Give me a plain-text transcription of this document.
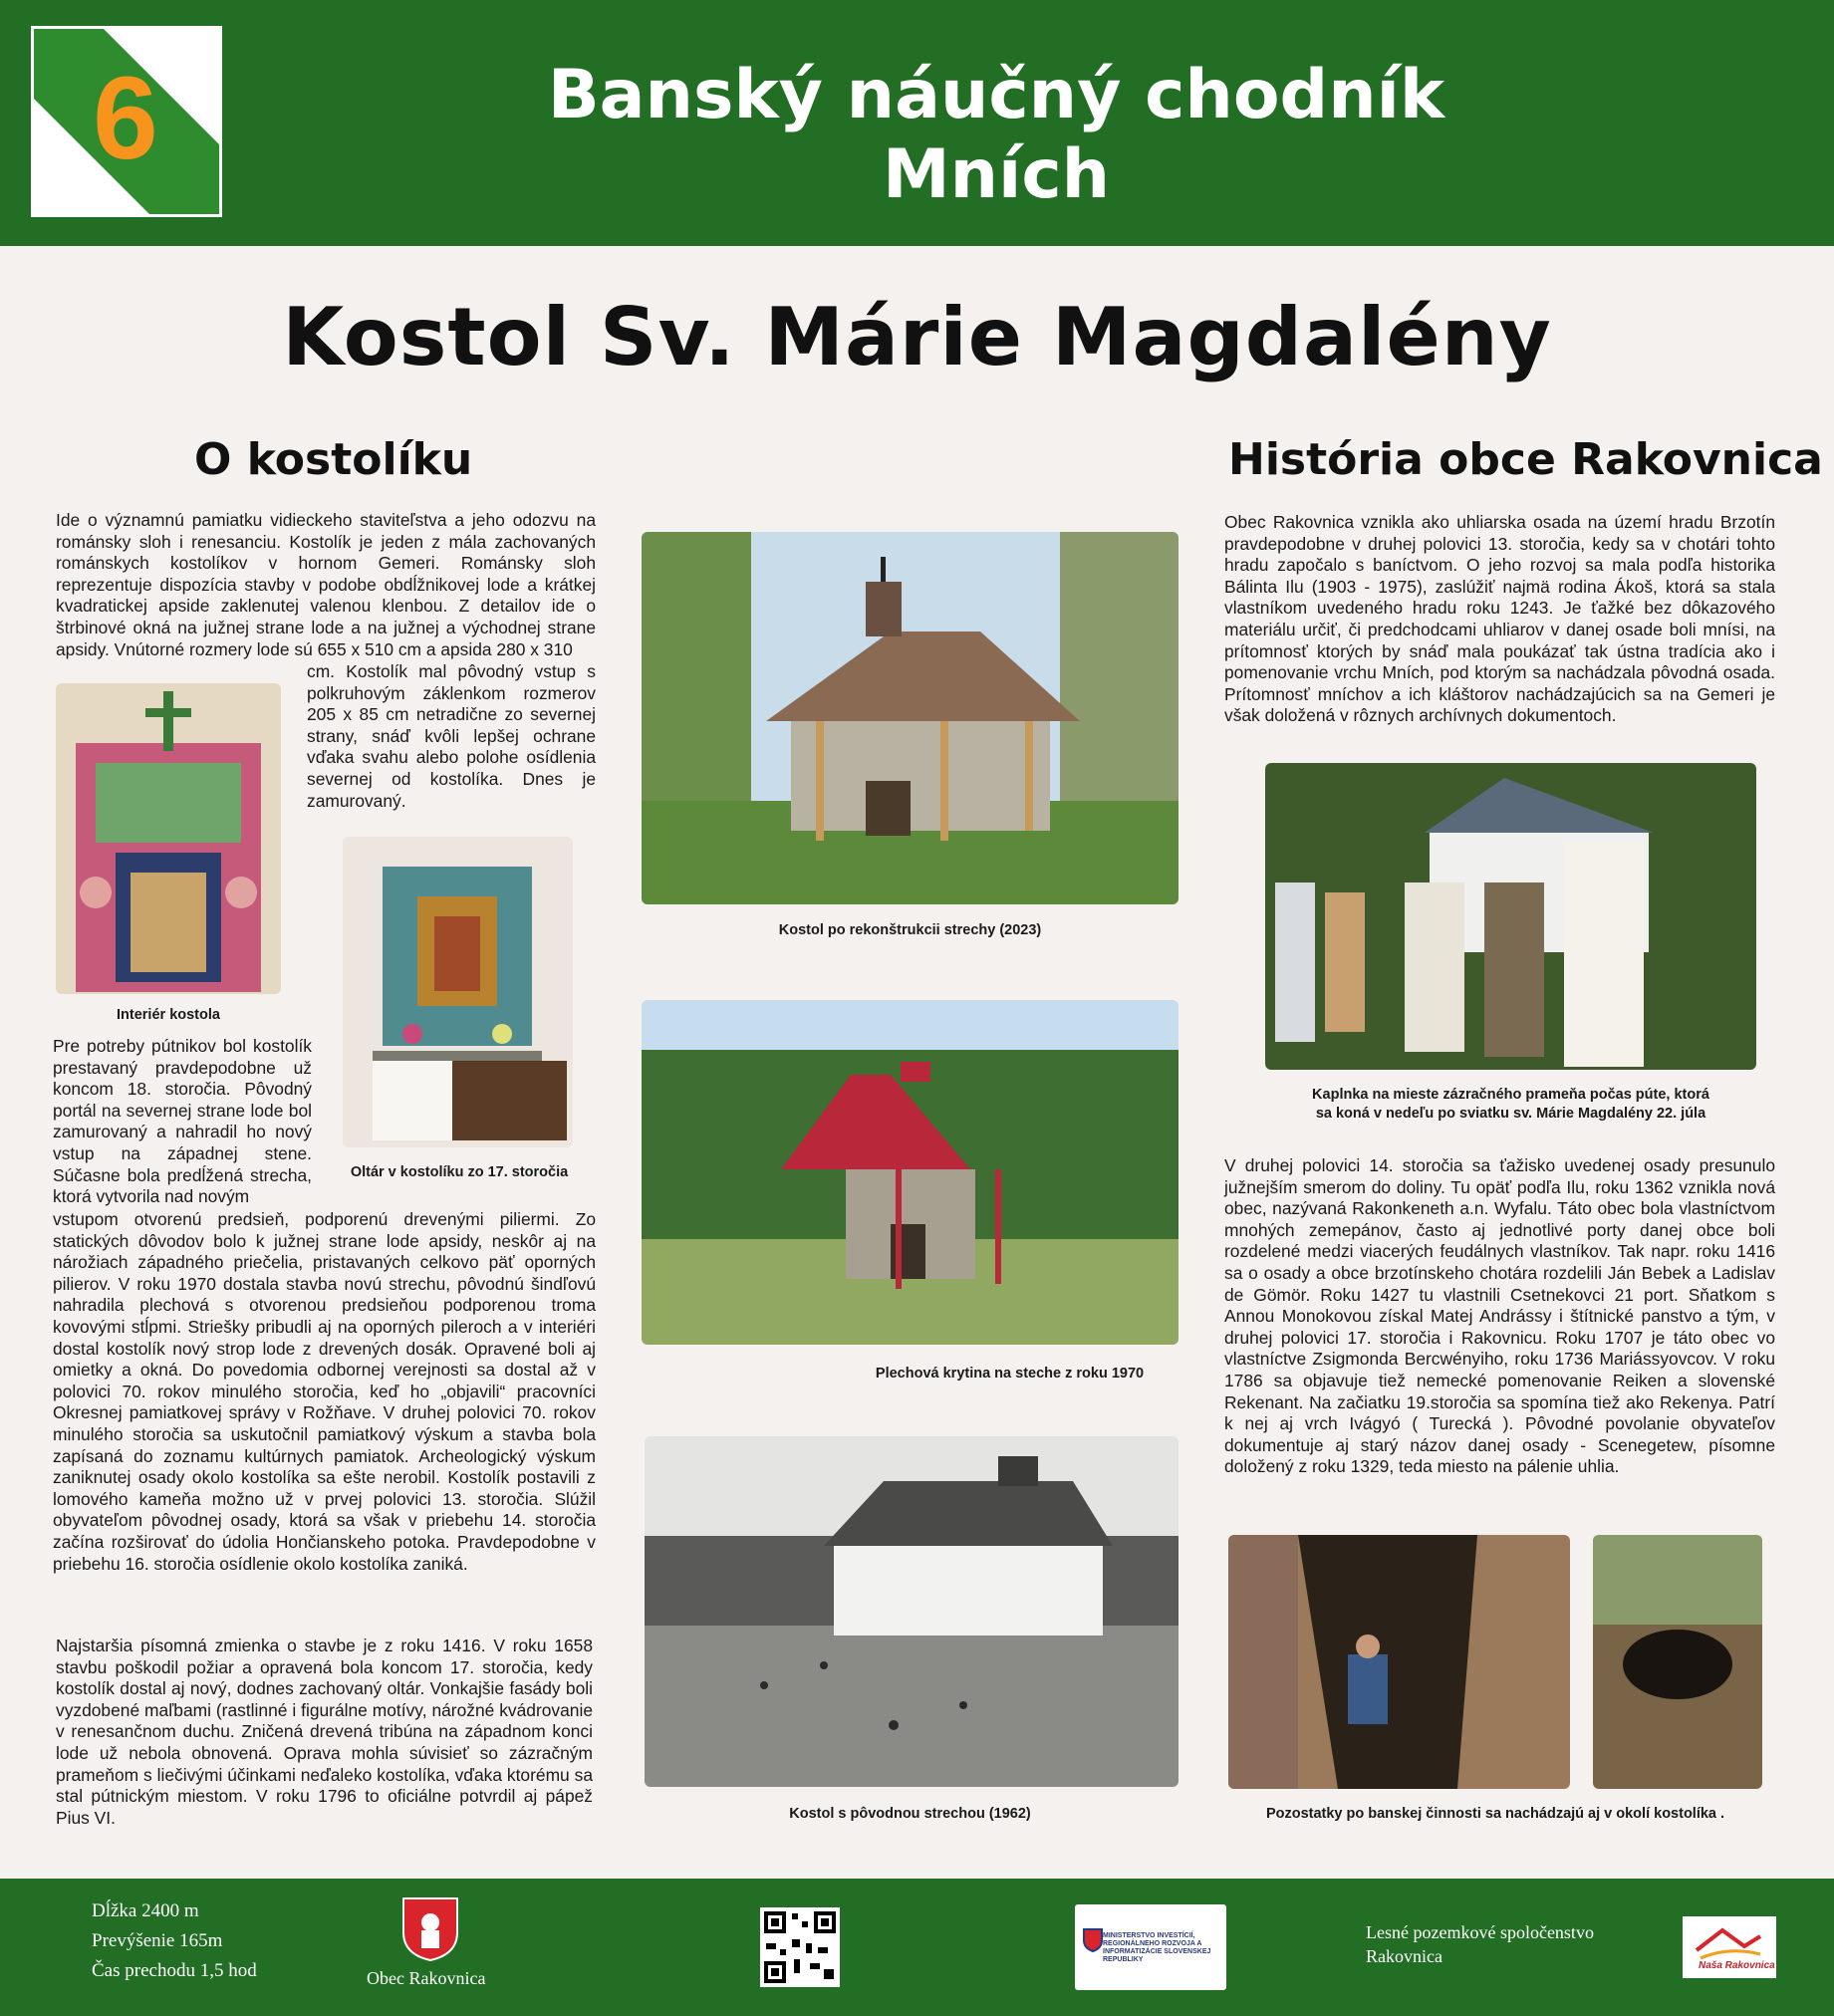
6	Banský náučný chodník
Mních
Kostol Sv. Márie Magdalény
O kostolíku
Ide o významnú pamiatku vidieckeho staviteľstva a jeho odozvu na románsky sloh i renesanciu. Kostolík je jeden z mála zachovaných románskych kostolíkov v hornom Gemeri. Románsky sloh reprezentuje dispozícia stavby v podobe obdĺžnikovej lode a krátkej kvadratickej apside zaklenutej valenou klenbou. Z detailov ide o štrbinové okná na južnej strane lode a na južnej a východnej strane apsidy. Vnútorné rozmery lode sú 655 x 510 cm a apsida 280 x 310
cm. Kostolík mal pôvodný vstup s polkruhovým záklenkom rozmerov 205 x 85 cm netradične zo severnej strany, snáď kvôli lepšej ochrane vďaka svahu alebo polohe osídlenia severnej od kostolíka. Dnes je zamurovaný.
Interiér kostola
Oltár v kostolíku zo 17. storočia
Pre potreby pútnikov bol kostolík prestavaný pravdepodobne už koncom 18. storočia. Pôvodný portál na severnej strane lode bol zamurovaný a nahradil ho nový vstup na západnej stene. Súčasne bola predĺžená strecha, ktorá vytvorila nad novým
vstupom otvorenú predsieň, podporenú drevenými piliermi. Zo statických dôvodov bolo k južnej strane lode apsidy, neskôr aj na nárožiach západného priečelia, pristavaných celkovo päť oporných pilierov. V roku 1970 dostala stavba novú strechu, pôvodnú šindľovú nahradila plechová s otvorenou predsieňou podporenou troma kovovými stĺpmi. Striešky pribudli aj na oporných pileroch a v interiéri dostal kostolík nový strop lode z drevených dosák. Opravené boli aj omietky a okná. Do povedomia odbornej verejnosti sa dostal až v polovici 70. rokov minulého storočia, keď ho „objavili“ pracovníci Okresnej pamiatkovej správy v Rožňave. V druhej polovici 70. rokov minulého storočia sa uskutočnil pamiatkový výskum a stavba bola zapísaná do zoznamu kultúrnych pamiatok. Archeologický výskum zaniknutej osady okolo kostolíka sa ešte nerobil. Kostolík postavili z lomového kameňa možno už v prvej polovici 13. storočia. Slúžil obyvateľom pôvodnej osady, ktorá sa však v priebehu 14. storočia začína rozširovať do údolia Hončianskeho potoka. Pravdepodobne v priebehu 16. storočia osídlenie okolo kostolíka zaniká.
Najstaršia písomná zmienka o stavbe je z roku 1416. V roku 1658 stavbu poškodil požiar a opravená bola koncom 17. storočia, kedy kostolík dostal aj nový, dodnes zachovaný oltár. Vonkajšie fasády boli vyzdobené maľbami (rastlinné i figurálne motívy, nárožné kvádrovanie v renesančnom duchu. Zničená drevená tribúna na západnom konci lode už nebola obnovená. Oprava mohla súvisieť so zázračným prameňom s liečivými účinkami neďaleko kostolíka, vďaka ktorému sa stal pútnickým miestom. V roku 1796 to oficiálne potvrdil aj pápež Pius VI.
Kostol po rekonštrukcii strechy (2023)
Plechová krytina na steche z roku 1970
Kostol s pôvodnou strechou (1962)
História obce Rakovnica
Obec Rakovnica vznikla ako uhliarska osada na území hradu Brzotín pravdepodobne v druhej polovici 13. storočia, kedy sa v chotári tohto hradu započalo s baníctvom. O jeho rozvoj sa mala podľa historika Bálinta Ilu (1903 - 1975), zaslúžiť najmä rodina Ákoš, ktorá sa stala vlastníkom uvedeného hradu roku 1243. Je ťažké bez dôkazového materiálu určiť, či predchodcami uhliarov v danej osade boli mnísi, na prítomnosť ktorých by snáď mala poukázať tak ústna tradícia ako i pomenovanie vrchu Mních, pod ktorým sa nachádzala pôvodná osada. Prítomnosť mníchov a ich kláštorov nachádzajúcich sa na Gemeri je však doložená v rôznych archívnych dokumentoch.
Kaplnka na mieste zázračného prameňa počas púte, ktorá
sa koná v nedeľu po sviatku sv. Márie Magdalény 22. júla
V druhej polovici 14. storočia sa ťažisko uvedenej osady presunulo južnejším smerom do doliny. Tu opäť podľa Ilu, roku 1362 vznikla nová obec, nazývaná Rakonkeneth a.n. Wyfalu. Táto obec bola vlastníctvom mnohých zemepánov, často aj jednotlivé porty danej obce boli rozdelené medzi viacerých feudálnych vlastníkov. Tak napr. roku 1416 sa o osady a obce brzotínskeho chotára rozdelili Ján Bebek a Ladislav de Gömör. Roku 1427 tu vlastnili Csetnekovci 21 port. Sňatkom s Annou Monokovou získal Matej Andrássy i štítnické panstvo a tým, v druhej polovici 17. storočia i Rakovnicu. Roku 1707 je táto obec vo vlastníctve Zsigmonda Bercwényiho, roku 1736 Mariássyovcov. V roku 1786 sa objavuje tiež nemecké pomenovanie Reiken a slovenské Rekenant. Na začiatku 19.storočia sa spomína tiež ako Rekenya. Patrí k nej aj vrch Ivágyó ( Turecká ). Pôvodné povolanie obyvateľov dokumentuje aj starý názov danej osady - Scenegetew, písomne doložený z roku 1329, teda miesto na pálenie uhlia.
Pozostatky po banskej činnosti sa nachádzajú aj v okolí kostolíka .
Dĺžka 2400 m
Prevýšenie 165m
Čas prechodu 1,5 hod	Obec Rakovnica
MINISTERSTVO INVESTÍCIÍ, REGIONÁLNEHO ROZVOJA A INFORMATIZÁCIE SLOVENSKEJ REPUBLIKY
Lesné pozemkové spoločenstvo
Rakovnica	Naša Rakovnica
